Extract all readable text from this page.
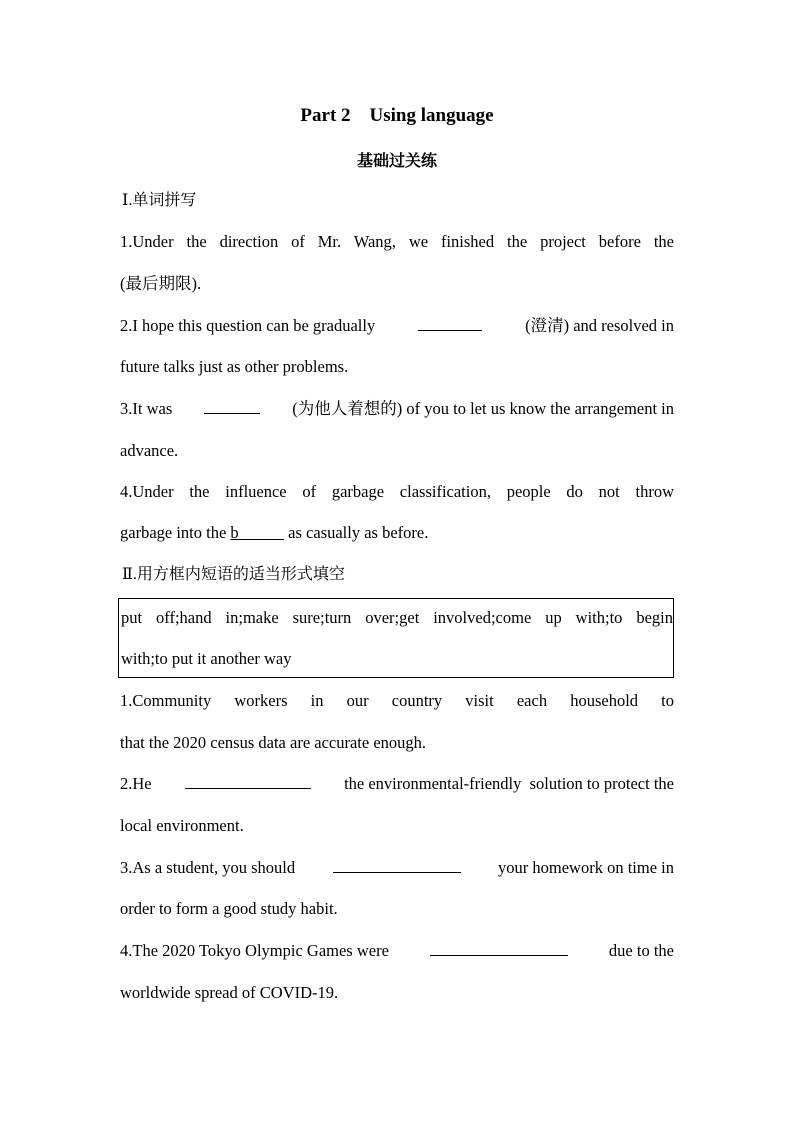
Part 2    Using language
基础过关练
Ⅰ.单词拼写
1.Under the direction of Mr. Wang, we finished the project before the
(最后期限).
2.I hope this question can be gradually	(澄清) and resolved in
future talks just as other problems.
3.It was	(为他人着想的) of you to let us know the arrangement in
advance.
4.Under the influence of garbage classification, people do not throw
garbage into the b	as casually as before.
Ⅱ.用方框内短语的适当形式填空
put off;hand in;make sure;turn over;get involved;come up with;to begin
with;to put it another way
1.Community workers in our country visit each household to
that the 2020 census data are accurate enough.
2.He	the environmental-friendly  solution to protect the
local environment.
3.As a student, you should	your homework on time in
order to form a good study habit.
4.The 2020 Tokyo Olympic Games were	due to the
worldwide spread of COVID-19.
